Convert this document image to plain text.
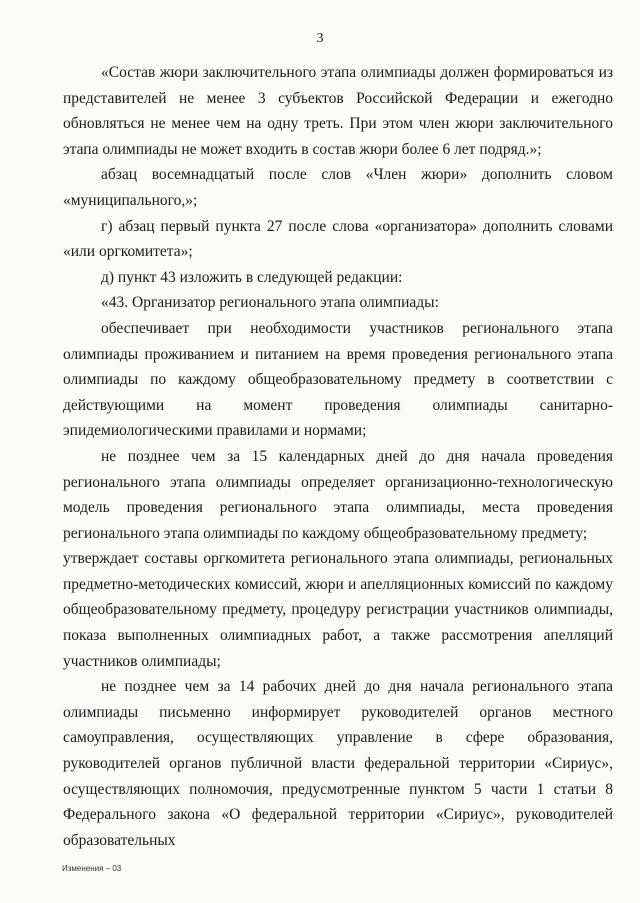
3

«Состав жюри заключительного этапа олимпиады должен формироваться из представителей не менее 3 субъектов Российской Федерации и ежегодно обновляться не менее чем на одну треть. При этом член жюри заключительного этапа олимпиады не может входить в состав жюри более 6 лет подряд.»;

абзац восемнадцатый после слов «Член жюри» дополнить словом «муниципального,»;

г) абзац первый пункта 27 после слова «организатора» дополнить словами «или оргкомитета»;

д) пункт 43 изложить в следующей редакции:

«43. Организатор регионального этапа олимпиады:

обеспечивает при необходимости участников регионального этапа олимпиады проживанием и питанием на время проведения регионального этапа олимпиады по каждому общеобразовательному предмету в соответствии с действующими на момент проведения олимпиады санитарно-эпидемиологическими правилами и нормами;

не позднее чем за 15 календарных дней до дня начала проведения регионального этапа олимпиады определяет организационно-технологическую модель проведения регионального этапа олимпиады, места проведения регионального этапа олимпиады по каждому общеобразовательному предмету;

утверждает составы оргкомитета регионального этапа олимпиады, региональных предметно-методических комиссий, жюри и апелляционных комиссий по каждому общеобразовательному предмету, процедуру регистрации участников олимпиады, показа выполненных олимпиадных работ, а также рассмотрения апелляций участников олимпиады;

не позднее чем за 14 рабочих дней до дня начала регионального этапа олимпиады письменно информирует руководителей органов местного самоуправления, осуществляющих управление в сфере образования, руководителей органов публичной власти федеральной территории «Сириус», осуществляющих полномочия, предусмотренные пунктом 5 части 1 статьи 8 Федерального закона «О федеральной территории «Сириус», руководителей образовательных

Изменения – 03
